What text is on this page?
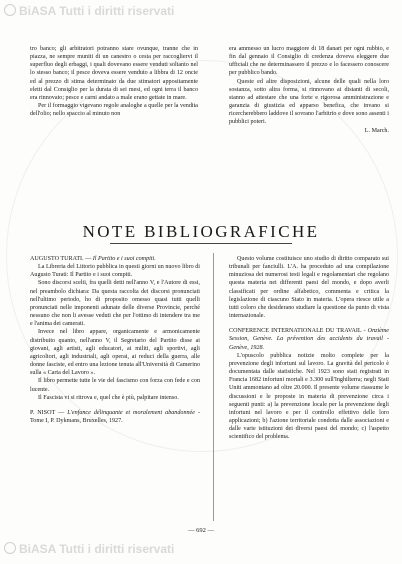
BiASA Tutti i diritti riservati

tro banco; gli arbitratori potranno stare ovunque, tranne che in piazza, ne sempre muniti di un canestro o cesta per raccogliervi il superfluo degli erbaggi, i quali dovevano essere venduti soltanto nel lo stesso banco; il pesce doveva essere venduto a libbra di 12 oncie ed al prezzo di stima determinato da due stimatori appositamente eletti dal Consiglio per la durata di sei mesi, ed ogni terra il banco era rinnovato; pesce e carni andato a male erano gettate in mare.

Per il formaggio vigevano regole analoghe a quelle per la vendita dell'olio; nello spaccio al minuto non

era ammesso un lucro maggiore di 18 danari per ogni rubbio, e fin dal gennaio il Consiglio di credenza doveva eleggere due ufficiali che ne determinassero il prezzo e lo facessero conoscere per pubblico bando.

Queste ed altre disposizioni, alcune delle quali nella loro sostanza, sotto altra forma, si rinnovano ai distanti di secoli, stanno ad attestare che una forte e rigorosa amministrazione e garanzia di giustizia ed apparso benefica, che invano si ricercherebbero laddove il sovrano l'arbitrio e dove sono assenti i pubblici poteri.

L. March.

NOTE BIBLIOGRAFICHE

AUGUSTO TURATI. — Il Partito e i suoi compiti.

La Libreria del Littorio pubblica in questi giorni un nuovo libro di Augusto Turati: Il Partito e i suoi compiti.

Sono discorsi scelti, fra quelli detti nell'anno V, e l'Autore di essi, nel preambolo dichiara: Da questa raccolta dei discorsi pronunciati nell'ultimo periodo, ho di proposito omesso quasi tutti quelli pronunciati nelle imponenti adunate delle diverse Provincie, perché nessuno che non li avesse veduti che per l'ottimo di intendere tra me e l'anima dei camerati.

Invece nel libro appare, organicamente e armonicamente distribuito quanto, nell'anno V, il Segretario del Partito disse ai giovani, agli artisti, agli educatori, ai militi, agli sportivi, agli agricoltori, agli industriali, agli operai, ai reduci della guerra, alle donne fasciste, ed entro una lezione tenuta all'Università di Camerino sulla « Carta del Lavoro ».

Il libro permette tutte le vie del fascismo con forza con fede e con lucente.

Il Fascista vi si ritrova e, quel che è più, palpitare intenso.

P. NISOT — L'enfance délinquante et moralement abandonnée - Tome I, P. Dykmans, Bruxelles, 1927.

Questo volume costituisce uno studio di diritto comparato sui tribunali per fanciulli. L'A. ha proceduto ad una compilazione minuziosa dei numerosi testi legali e regolamentari che regolano questa materia nei differenti paesi del mondo, e dopo averli classificati per ordine alfabetico, commenta e critica la legislazione di ciascuno Stato in materia. L'opera riesce utile a tutti coloro che desiderano studiare la questione da punto di vista internazionale.

CONFERENCE INTERNATIONALE DU TRAVAIL - Onzième Session, Genève. La prévention des accidents du travail - Genève, 1928.

L'opuscolo pubblica notizie molto complete per la prevenzione degli infortuni sul lavoro. La gravità del pericolo è documentata dalle statistiche. Nel 1923 sono stati registrati in Francia 1682 infortuni mortali e 3.300 sull'Inghilterra; negli Stati Uniti ammontano ad oltre 20.000. Il presente volume riassume le discussioni e le proposte in materia di prevenzione circa i seguenti punti: a) la prevenzione locale per la prevenzione degli infortuni nel lavoro e per il controllo effettivo delle loro applicazioni; b) l'azione territoriale condotta dalle associazioni e dalle varie istituzioni dei diversi paesi del mondo; c) l'aspetto scientifico del problema.

— 692 —
BiASA Tutti i diritti riservati
